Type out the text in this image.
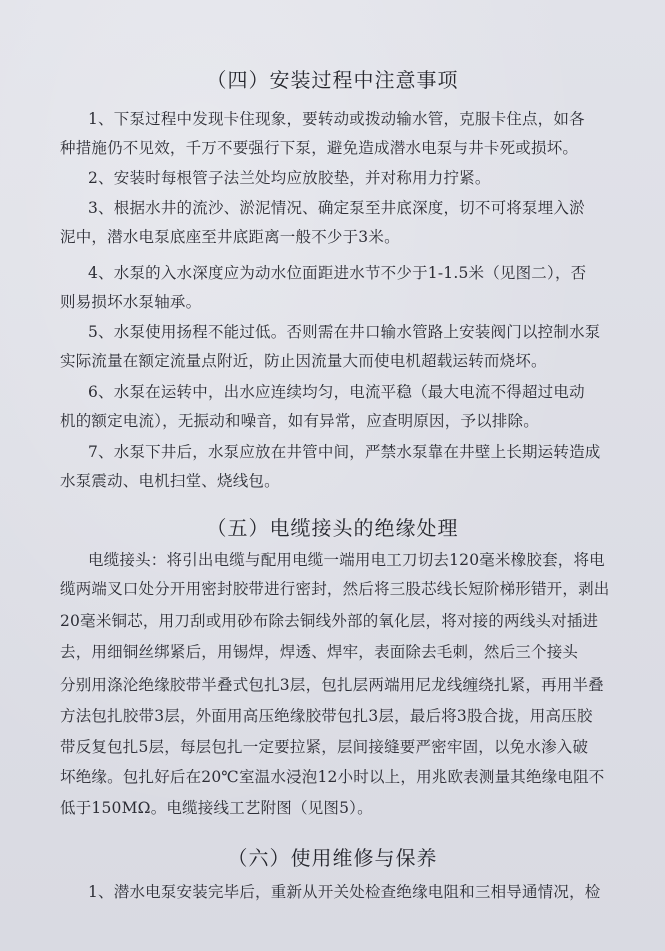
（四）安装过程中注意事项
1、下泵过程中发现卡住现象，要转动或拨动输水管，克服卡住点，如各
种措施仍不见效，千万不要强行下泵，避免造成潜水电泵与井卡死或损坏。
2、安装时每根管子法兰处均应放胶垫，并对称用力拧紧。
3、根据水井的流沙、淤泥情况、确定泵至井底深度，切不可将泵埋入淤
泥中，潜水电泵底座至井底距离一般不少于3米。
4、水泵的入水深度应为动水位面距进水节不少于1-1.5米（见图二），否
则易损坏水泵轴承。
5、水泵使用扬程不能过低。否则需在井口输水管路上安装阀门以控制水泵
实际流量在额定流量点附近，防止因流量大而使电机超载运转而烧坏。
6、水泵在运转中，出水应连续均匀，电流平稳（最大电流不得超过电动
机的额定电流），无振动和噪音，如有异常，应查明原因，予以排除。
7、水泵下井后，水泵应放在井管中间，严禁水泵靠在井壁上长期运转造成
水泵震动、电机扫堂、烧线包。
（五）电缆接头的绝缘处理
电缆接头：将引出电缆与配用电缆一端用电工刀切去120毫米橡胶套，将电
缆两端叉口处分开用密封胶带进行密封，然后将三股芯线长短阶梯形错开，剥出
20毫米铜芯，用刀刮或用砂布除去铜线外部的氧化层，将对接的两线头对插进
去，用细铜丝绑紧后，用锡焊，焊透、焊牢，表面除去毛刺，然后三个接头
分别用涤沦绝缘胶带半叠式包扎3层，包扎层两端用尼龙线缠绕扎紧，再用半叠
方法包扎胶带3层，外面用高压绝缘胶带包扎3层，最后将3股合拢，用高压胶
带反复包扎5层，每层包扎一定要拉紧，层间接缝要严密牢固，以免水渗入破
坏绝缘。包扎好后在20℃室温水浸泡12小时以上，用兆欧表测量其绝缘电阻不
低于150MΩ。电缆接线工艺附图（见图5）。
（六）使用维修与保养
1、潜水电泵安装完毕后，重新从开关处检查绝缘电阻和三相导通情况，检
